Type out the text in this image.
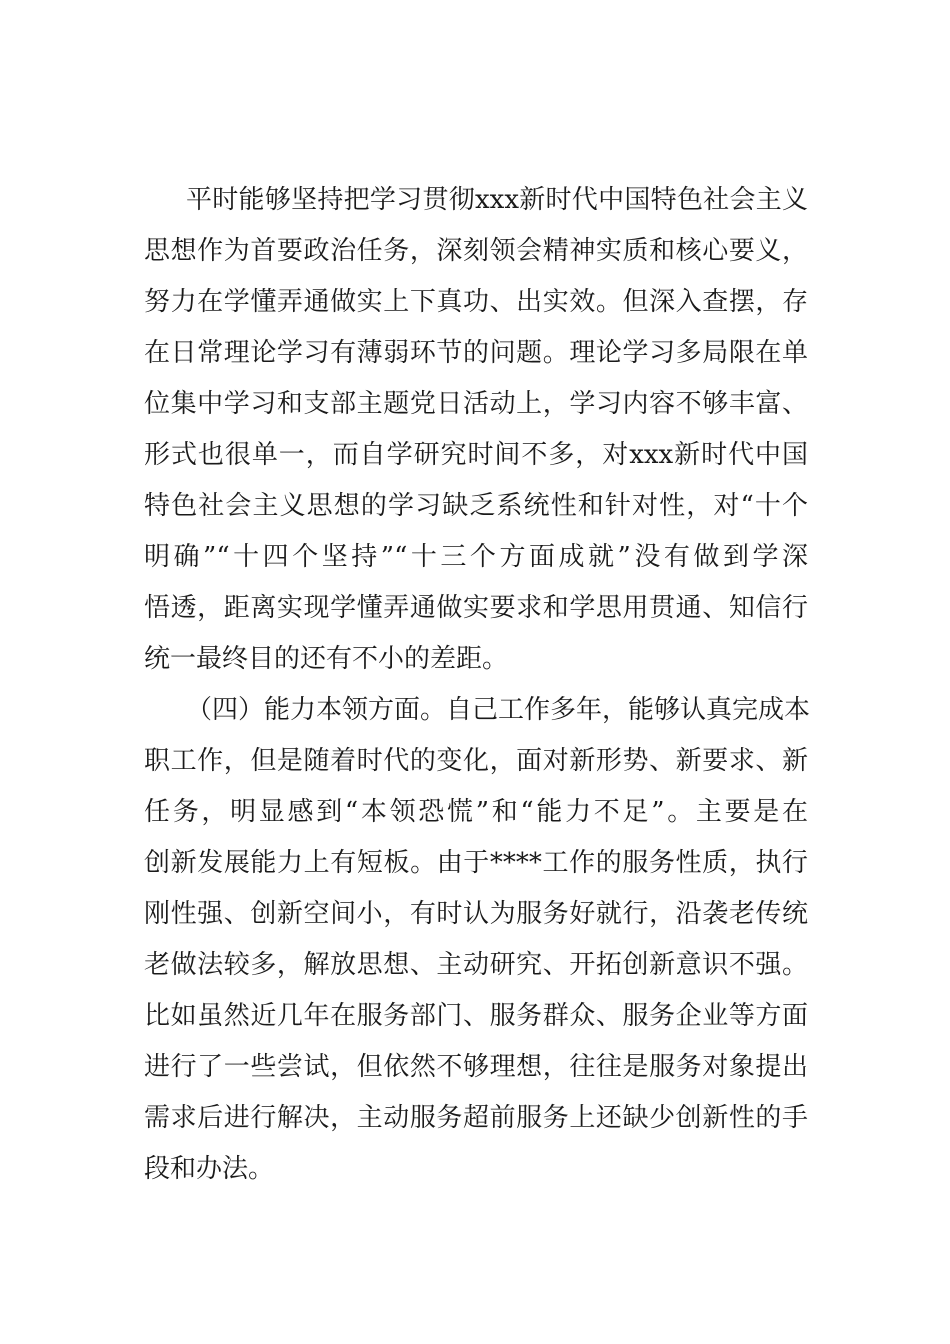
平时能够坚持把学习贯彻xxx新时代中国特色社会主义
思想作为首要政治任务，深刻领会精神实质和核心要义，
努力在学懂弄通做实上下真功、出实效。但深入查摆，存
在日常理论学习有薄弱环节的问题。理论学习多局限在单
位集中学习和支部主题党日活动上，学习内容不够丰富、
形式也很单一，而自学研究时间不多，对xxx新时代中国
特色社会主义思想的学习缺乏系统性和针对性，对“十个
明确”“十四个坚持”“十三个方面成就”没有做到学深
悟透，距离实现学懂弄通做实要求和学思用贯通、知信行
统一最终目的还有不小的差距。
（四）能力本领方面。自己工作多年，能够认真完成本
职工作，但是随着时代的变化，面对新形势、新要求、新
任务，明显感到“本领恐慌”和“能力不足”。主要是在
创新发展能力上有短板。由于****工作的服务性质，执行
刚性强、创新空间小，有时认为服务好就行，沿袭老传统
老做法较多，解放思想、主动研究、开拓创新意识不强。
比如虽然近几年在服务部门、服务群众、服务企业等方面
进行了一些尝试，但依然不够理想，往往是服务对象提出
需求后进行解决，主动服务超前服务上还缺少创新性的手
段和办法。
